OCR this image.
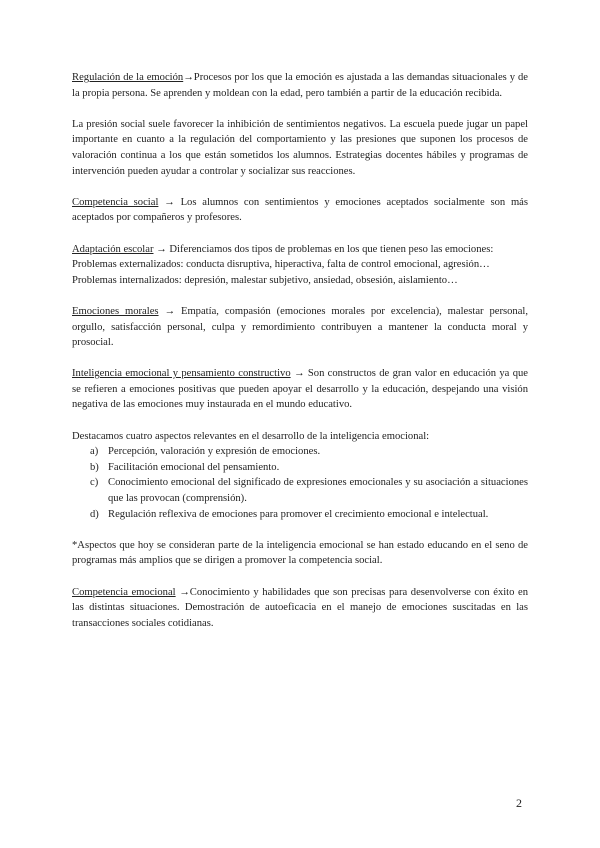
Regulación de la emoción→Procesos por los que la emoción es ajustada a las demandas situacionales y de la propia persona. Se aprenden y moldean con la edad, pero también a partir de la educación recibida.

La presión social suele favorecer la inhibición de sentimientos negativos. La escuela puede jugar un papel importante en cuanto a la regulación del comportamiento y las presiones que suponen los procesos de valoración continua a los que están sometidos los alumnos. Estrategias docentes hábiles y programas de intervención pueden ayudar a controlar y socializar sus reacciones.

Competencia social → Los alumnos con sentimientos y emociones aceptados socialmente son más aceptados por compañeros y profesores.

Adaptación escolar → Diferenciamos dos tipos de problemas en los que tienen peso las emociones:
Problemas externalizados: conducta disruptiva, hiperactiva, falta de control emocional, agresión…
Problemas internalizados: depresión, malestar subjetivo, ansiedad, obsesión, aislamiento…

Emociones morales → Empatía, compasión (emociones morales por excelencia), malestar personal, orgullo, satisfacción personal, culpa y remordimiento contribuyen a mantener la conducta moral y prosocial.

Inteligencia emocional y pensamiento constructivo → Son constructos de gran valor en educación ya que se refieren a emociones positivas que pueden apoyar el desarrollo y la educación, despejando una visión negativa de las emociones muy instaurada en el mundo educativo.

Destacamos cuatro aspectos relevantes en el desarrollo de la inteligencia emocional:

a) Percepción, valoración y expresión de emociones.
b) Facilitación emocional del pensamiento.
c) Conocimiento emocional del significado de expresiones emocionales y su asociación a situaciones que las provocan (comprensión).
d) Regulación reflexiva de emociones para promover el crecimiento emocional e intelectual.

*Aspectos que hoy se consideran parte de la inteligencia emocional se han estado educando en el seno de programas más amplios que se dirigen a promover la competencia social.

Competencia emocional →Conocimiento y habilidades que son precisas para desenvolverse con éxito en las distintas situaciones. Demostración de autoeficacia en el manejo de emociones suscitadas en las transacciones sociales cotidianas.

2
